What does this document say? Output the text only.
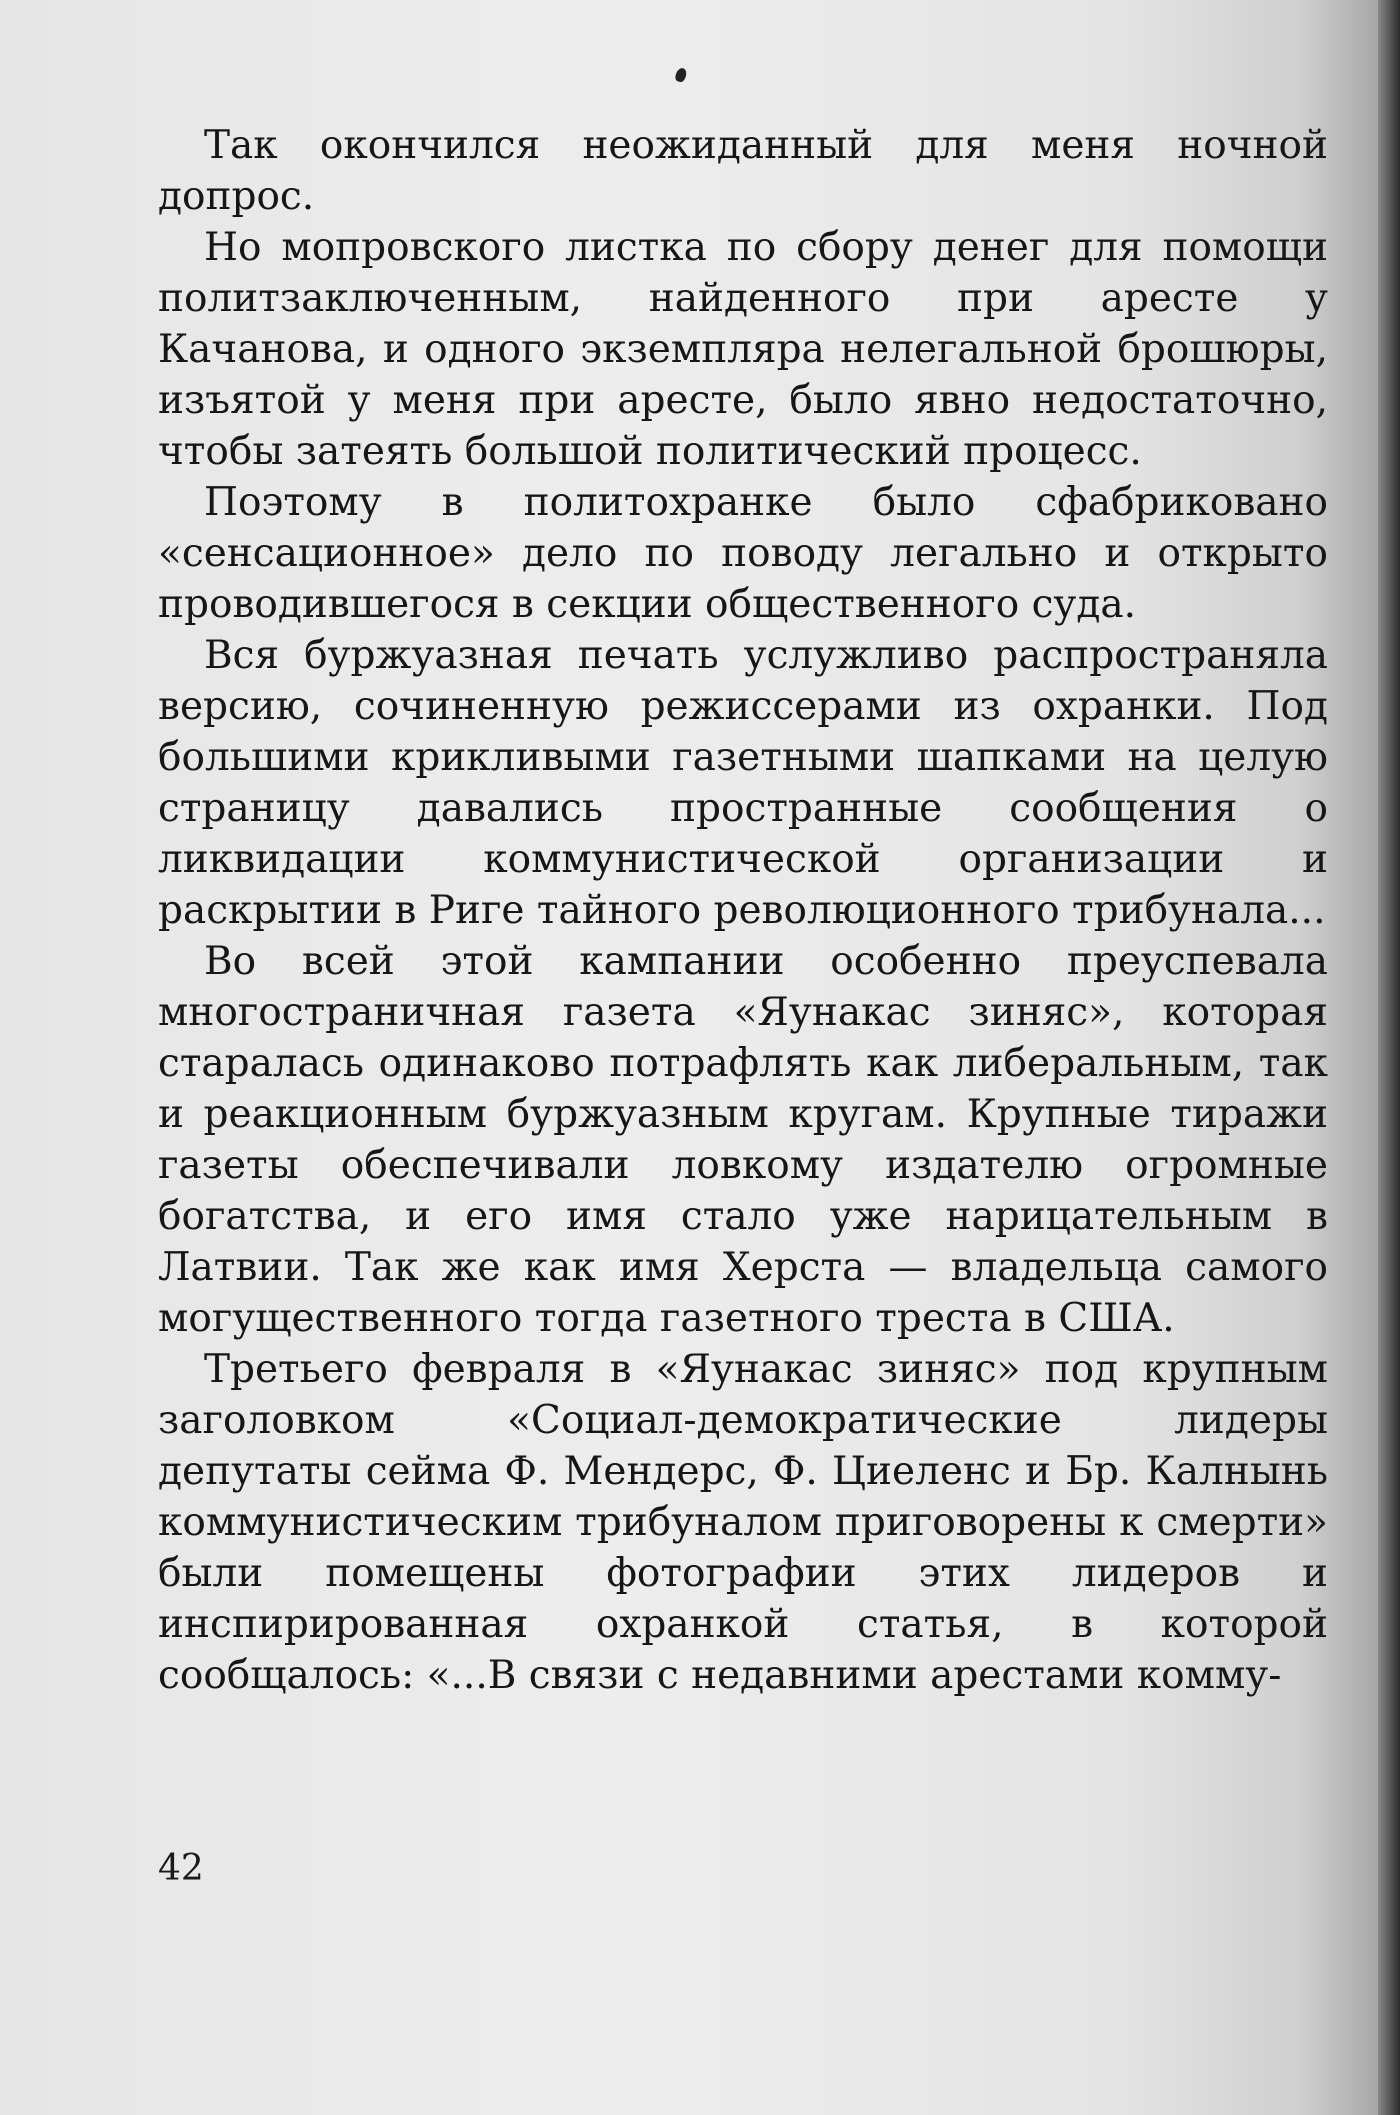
Так окончился неожиданный для меня ночной допрос.

Но мопровского листка по сбору денег для помощи политзаключенным, найденного при аресте у Качанова, и одного экземпляра нелегальной брошюры, изъятой у меня при аресте, было явно недостаточно, чтобы затеять большой политический процесс.

Поэтому в политохранке было сфабриковано «сенсационное» дело по поводу легально и открыто проводившегося в секции общественного суда.

Вся буржуазная печать услужливо распространяла версию, сочиненную режиссерами из охранки. Под большими крикливыми газетными шапками на целую страницу давались пространные сообщения о ликвидации коммунистической организации и раскрытии в Риге тайного революционного трибунала...

Во всей этой кампании особенно преуспевала многостраничная газета «Яунакас зиняс», которая старалась одинаково потрафлять как либеральным, так и реакционным буржуазным кругам. Крупные тиражи газеты обеспечивали ловкому издателю огромные богатства, и его имя стало уже нарицательным в Латвии. Так же как имя Херста — владельца самого могущественного тогда газетного треста в США.

Третьего февраля в «Яунакас зиняс» под крупным заголовком «Социал-демократические лидеры депутаты сейма Ф. Мендерс, Ф. Циеленс и Бр. Калнынь коммунистическим трибуналом приговорены к смерти» были помещены фотографии этих лидеров и инспирированная охранкой статья, в которой сообщалось: «...В связи с недавними арестами комму-

42
